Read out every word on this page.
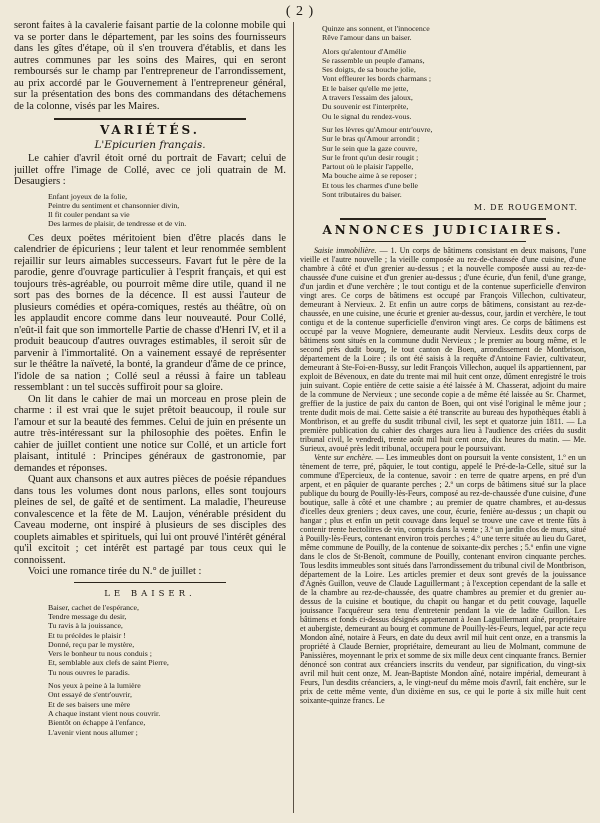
( 2 )

seront faites à la cavalerie faisant partie de la colonne mobile qui va se porter dans le département, par les soins des fournisseurs dans les gîtes d'étape, où il s'en trouvera d'établis, et dans les autres communes par les soins des Maires, qui en seront remboursés sur le champ par l'entrepreneur de l'arrondissement, au prix accordé par le Gouvernement à l'entrepreneur général, sur la présentation des bons des commandans des détachemens de la colonne, visés par les Maires.

VARIÉTÉS.
L'Epicurien français.

Le cahier d'avril étoit orné du portrait de Favart; celui de juillet offre l'image de Collé, avec ce joli quatrain de M. Desaugiers :

Enfant joyeux de la folie,
Peintre du sentiment et chansonnier divin,
Il fit couler pendant sa vie
Des larmes de plaisir, de tendresse et de vin.

Ces deux poëtes méritoient bien d'être placés dans le calendrier de épicuriens ; leur talent et leur renommée semblent rejaillir sur leurs aimables successeurs. Favart fut le père de la parodie, genre d'ouvrage particulier à l'esprit français, et qui est toujours très-agréable, ou pourroit même dire utile, quand il ne sort pas des bornes de la décence. Il est aussi l'auteur de plusieurs comédies et opéra-comiques, restés au théâtre, où on les applaudit encore comme dans leur nouveauté. Pour Collé, n'eût-il fait que son immortelle Partie de chasse d'Henri IV, et il a produit beaucoup d'autres ouvrages estimables, il seroit sûr de parvenir à l'immortalité. On a vainement essayé de représenter sur le théâtre la naïveté, la bonté, la grandeur d'âme de ce prince, l'idole de sa nation ; Collé seul a réussi à faire un tableau ressemblant : un tel succès suffiroit pour sa gloire.

On lit dans le cahier de mai un morceau en prose plein de charme : il est vrai que le sujet prêtoit beaucoup, il roule sur l'amour et sur la beauté des femmes. Celui de juin en présente un autre très-intéressant sur la philosophie des poëtes. Enfin le cahier de juillet contient une notice sur Collé, et un article fort plaisant, intitulé : Principes généraux de gastronomie, par demandes et réponses.

Quant aux chansons et aux autres pièces de poésie répandues dans tous les volumes dont nous parlons, elles sont toujours pleines de sel, de gaîté et de sentiment. La maladie, l'heureuse convalescence et la fête de M. Laujon, vénérable président du Caveau moderne, ont inspiré à plusieurs de ses disciples des couplets aimables et spirituels, qui lui ont prouvé l'intérêt général qu'il excitoit ; cet intérêt est partagé par tous ceux qui le connoissent.

Voici une romance tirée du N.° de juillet :

LE BAISER.
Baiser, cachet de l'espérance,
Tendre message du desir,
Tu ravis à la jouissance,
Et tu précèdes le plaisir !
Donné, reçu par le mystère,
Vers le bonheur tu nous conduis ;
Et, semblable aux clefs de saint Pierre,
Tu nous ouvres le paradis.
Nos yeux à peine à la lumière
Ont essayé de s'entr'ouvrir,
Et de ses baisers une mère
A chaque instant vient nous couvrir.
Bientôt on échappe à l'enfance,
L'avenir vient nous allumer ;
Quinze ans sonnent, et l'innocence
Rêve l'amour dans un baiser.
Alors qu'alentour d'Amélie
Se rassemble un peuple d'amans,
Ses doigts, de sa bouche jolie,
Vont effleurer les bords charmans ;
Et le baiser qu'elle me jette,
A travers l'essaim des jaloux,
Du souvenir est l'interprète,
Ou le signal du rendez-vous.
Sur les lèvres qu'Amour entr'ouvre,
Sur le bras qu'Amour arrondit ;
Sur le sein que la gaze couvre,
Sur le front qu'un desir rougit ;
Partout où le plaisir l'appelle,
Ma bouche aime à se reposer ;
Et tous les charmes d'une belle
Sont tributaires du baiser.
M. DE ROUGEMONT.
ANNONCES JUDICIAIRES.

Saisie immobilière. — 1. Un corps de bâtimens consistant en deux maisons, l'une vieille et l'autre nouvelle ; la vieille composée au rez-de-chaussée d'une cuisine, d'une chambre à côté et d'un grenier au-dessus ; et la nouvelle composée aussi au rez-de-chaussée d'une cuisine et d'un grenier au-dessus ; d'une écurie, d'un fenil, d'une grange, d'un jardin et d'une verchère ; le tout contigu et de la contenue superficielle d'environ vingt ares. Ce corps de bâtimens est occupé par François Villechon, cultivateur, demeurant à Nervieux. 2. Et enfin un autre corps de bâtimens, consistant au rez-de-chaussée, en une cuisine, une écurie et grenier au-dessus, cour, jardin et verchère, le tout contigu et de la contenue superficielle d'environ vingt ares. Ce corps de bâtimens est occupé par la veuve Mogniere, demeurante audit Nervieux. Lesdits deux corps de bâtimens sont situés en la commune dudit Nervieux ; le premier au bourg même, et le second près dudit bourg, le tout canton de Boen, arrondissement de Montbrison, département de la Loire ; ils ont été saisis à la requête d'Antoine Favier, cultivateur, demeurant à Ste-Foi-en-Bussy, sur ledit François Villechon, auquel ils appartiennent, par exploit de Bévenoux, en date du trente mai mil huit cent onze, dûment enregistré le trois juin suivant. Copie entière de cette saisie a été laissée à M. Chasserat, adjoint du maire de la commune de Nervieux ; une seconde copie a de même été laissée au Sr. Charmet, greffier de la justice de paix du canton de Boen, qui ont visé l'original le même jour ; trente dudit mois de mai. Cette saisie a été transcrite au bureau des hypothèques établi à Montbrison, et au greffe du susdit tribunal civil, les sept et quatorze juin 1811. — La première publication du cahier des charges aura lieu à l'audience des criées du susdit tribunal civil, le vendredi, trente août mil huit cent onze, dix heures du matin. — Me. Surieux, avoué près ledit tribunal, occupera pour le poursuivant.

Vente sur enchère. — Les immeubles dont on poursuit la vente consistent, 1.º en un tènement de terre, pré, pâquier, le tout contigu, appelé le Pré-de-la-Celle, situé sur la commune d'Epercieux, de la contenue, savoir : en terre de quatre arpens, en pré d'un arpent, et en pâquier de quarante perches ; 2.º un corps de bâtimens situé sur la place publique du bourg de Pouilly-lès-Feurs, composé au rez-de-chaussée d'une cuisine, d'une boutique, salle à côté et une chambre ; au premier de quatre chambres, et au-dessus d'icelles deux greniers ; deux caves, une cour, écurie, fenière au-dessus ; un chapit ou hangar ; plus et enfin un petit couvage dans lequel se trouve une cave et trente fûts à contenir trente hectolitres de vin, compris dans la vente ; 3.º un jardin clos de murs, situé à Pouilly-lès-Feurs, contenant environ trois perches ; 4.º une terre située au lieu du Garet, même commune de Pouilly, de la contenue de soixante-dix perches ; 5.º enfin une vigne dans le clos de St-Benoît, commune de Pouilly, contenant environ cinquante perches. Tous lesdits immeubles sont situés dans l'arrondissement du tribunal civil de Montbrison, département de la Loire. Les articles premier et deux sont grevés de la jouissance d'Agnès Guillon, veuve de Claude Laguillermant ; à l'exception cependant de la salle et de la chambre au rez-de-chaussée, des quatre chambres au premier et du grenier au-dessus de la cuisine et boutique, du chapit ou hangar et du petit couvage, laquelle jouissance l'acquéreur sera tenu d'entretenir pendant la vie de ladite Guillon. Les bâtimens et fonds ci-dessus désignés appartenant à Jean Laguillermant aîné, propriétaire et aubergiste, demeurant au bourg et commune de Pouilly-lès-Feurs, lequel, par acte reçu Mondon aîné, notaire à Feurs, en date du deux avril mil huit cent onze, en a transmis la propriété à Claude Bernier, propriétaire, demeurant au lieu de Molmant, commune de Panissières, moyennant le prix et somme de six mille deux cent cinquante francs. Bernier dénoncé son contrat aux créanciers inscrits du vendeur, par signification, du vingt-six avril mil huit cent onze, M. Jean-Baptiste Mondon aîné, notaire impérial, demeurant à Feurs, l'un desdits créanciers, a, le vingt-neuf du même mois d'avril, fait enchère, sur le prix de cette même vente, d'un dixième en sus, ce qui le porte à six mille huit cent soixante-quinze francs. Le
